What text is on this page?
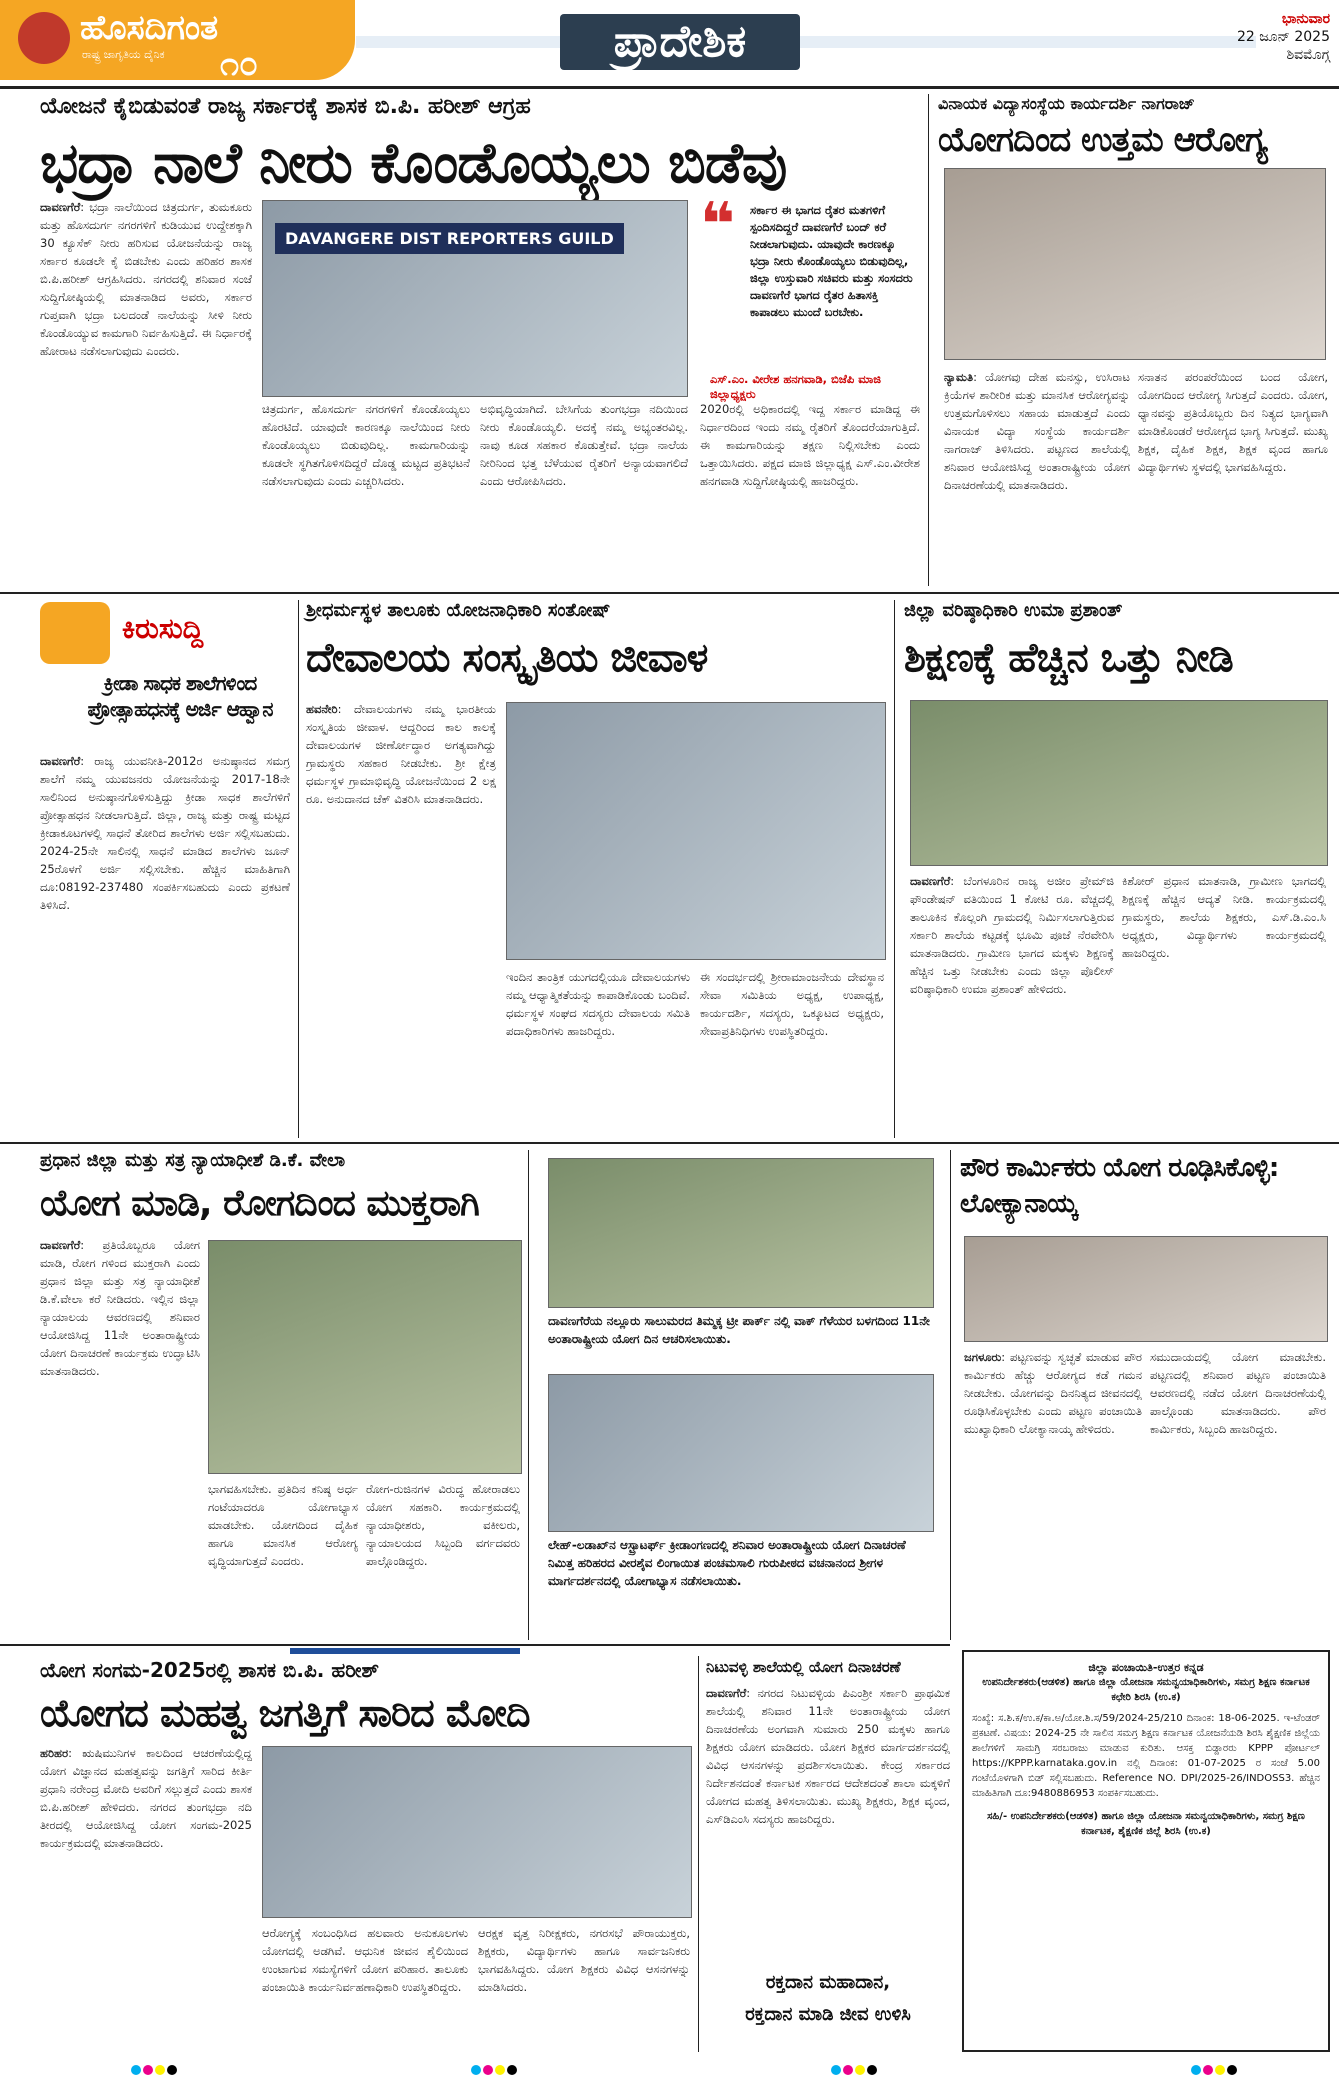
ಹೊಸದಿಗಂತ
ರಾಷ್ಟ್ರ ಜಾಗೃತಿಯ ದೈನಿಕ ೧೦	ಪ್ರಾದೇಶಿಕ	ಭಾನುವಾರ
22 ಜೂನ್ 2025
ಶಿವಮೊಗ್ಗ
ಯೋಜನೆ ಕೈಬಿಡುವಂತೆ ರಾಜ್ಯ ಸರ್ಕಾರಕ್ಕೆ ಶಾಸಕ ಬಿ.ಪಿ. ಹರೀಶ್ ಆಗ್ರಹ
ಭದ್ರಾ ನಾಲೆ ನೀರು ಕೊಂಡೊಯ್ಯಲು ಬಿಡೆವು
ದಾವಣಗೆರೆ: ಭದ್ರಾ ನಾಲೆಯಿಂದ ಚಿತ್ರದುರ್ಗ, ತುಮಕೂರು ಮತ್ತು ಹೊಸದುರ್ಗ ನಗರಗಳಿಗೆ ಕುಡಿಯುವ ಉದ್ದೇಶಕ್ಕಾಗಿ 30 ಕ್ಯೂಸೆಕ್ ನೀರು ಹರಿಸುವ ಯೋಜನೆಯನ್ನು ರಾಜ್ಯ ಸರ್ಕಾರ ಕೂಡಲೇ ಕೈ ಬಿಡಬೇಕು ಎಂದು ಹರಿಹರ ಶಾಸಕ ಬಿ.ಪಿ.ಹರೀಶ್ ಆಗ್ರಹಿಸಿದರು. ನಗರದಲ್ಲಿ ಶನಿವಾರ ಸಂಜೆ ಸುದ್ದಿಗೋಷ್ಠಿಯಲ್ಲಿ ಮಾತನಾಡಿದ ಅವರು, ಸರ್ಕಾರ ಗುಪ್ತವಾಗಿ ಭದ್ರಾ ಬಲದಂಡೆ ನಾಲೆಯನ್ನು ಸೀಳಿ ನೀರು ಕೊಂಡೊಯ್ಯುವ ಕಾಮಗಾರಿ ನಿರ್ವಹಿಸುತ್ತಿದೆ. ಈ ನಿರ್ಧಾರಕ್ಕೆ ಹೋರಾಟ ನಡೆಸಲಾಗುವುದು ಎಂದರು.
DAVANGERE DIST REPORTERS GUILD
ಚಿತ್ರದುರ್ಗ, ಹೊಸದುರ್ಗ ನಗರಗಳಿಗೆ ಕೊಂಡೊಯ್ಯಲು ಹೊರಟಿದೆ. ಯಾವುದೇ ಕಾರಣಕ್ಕೂ ನಾಲೆಯಿಂದ ನೀರು ಕೊಂಡೊಯ್ಯಲು ಬಿಡುವುದಿಲ್ಲ. ಕಾಮಗಾರಿಯನ್ನು ಕೂಡಲೇ ಸ್ಥಗಿತಗೊಳಿಸದಿದ್ದರೆ ದೊಡ್ಡ ಮಟ್ಟದ ಪ್ರತಿಭಟನೆ ನಡೆಸಲಾಗುವುದು ಎಂದು ಎಚ್ಚರಿಸಿದರು.
ಅಭಿವೃದ್ಧಿಯಾಗಿದೆ. ಬೇಸಿಗೆಯ ತುಂಗಭದ್ರಾ ನದಿಯಿಂದ ನೀರು ಕೊಂಡೊಯ್ಯಲಿ. ಅದಕ್ಕೆ ನಮ್ಮ ಅಭ್ಯಂತರವಿಲ್ಲ. ನಾವು ಕೂಡ ಸಹಕಾರ ಕೊಡುತ್ತೇವೆ. ಭದ್ರಾ ನಾಲೆಯ ನೀರಿನಿಂದ ಭತ್ತ ಬೆಳೆಯುವ ರೈತರಿಗೆ ಅನ್ಯಾಯವಾಗಲಿದೆ ಎಂದು ಆರೋಪಿಸಿದರು.
❝ ಸರ್ಕಾರ ಈ ಭಾಗದ ರೈತರ ಮತಗಳಿಗೆ ಸ್ಪಂದಿಸದಿದ್ದರೆ ದಾವಣಗೆರೆ ಬಂದ್ ಕರೆ ನೀಡಲಾಗುವುದು. ಯಾವುದೇ ಕಾರಣಕ್ಕೂ ಭದ್ರಾ ನೀರು ಕೊಂಡೊಯ್ಯಲು ಬಿಡುವುದಿಲ್ಲ, ಜಿಲ್ಲಾ ಉಸ್ತುವಾರಿ ಸಚಿವರು ಮತ್ತು ಸಂಸದರು ದಾವಣಗೆರೆ ಭಾಗದ ರೈತರ ಹಿತಾಸಕ್ತಿ ಕಾಪಾಡಲು ಮುಂದೆ ಬರಬೇಕು.
ಎಸ್.ಎಂ. ವೀರೇಶ ಹನಗವಾಡಿ, ಬಿಜೆಪಿ ಮಾಜಿ ಜಿಲ್ಲಾಧ್ಯಕ್ಷರು
2020ರಲ್ಲಿ ಅಧಿಕಾರದಲ್ಲಿ ಇದ್ದ ಸರ್ಕಾರ ಮಾಡಿದ್ದ ಈ ನಿರ್ಧಾರದಿಂದ ಇಂದು ನಮ್ಮ ರೈತರಿಗೆ ತೊಂದರೆಯಾಗುತ್ತಿದೆ. ಈ ಕಾಮಗಾರಿಯನ್ನು ತಕ್ಷಣ ನಿಲ್ಲಿಸಬೇಕು ಎಂದು ಒತ್ತಾಯಿಸಿದರು. ಪಕ್ಷದ ಮಾಜಿ ಜಿಲ್ಲಾಧ್ಯಕ್ಷ ಎಸ್.ಎಂ.ವೀರೇಶ ಹನಗವಾಡಿ ಸುದ್ದಿಗೋಷ್ಠಿಯಲ್ಲಿ ಹಾಜರಿದ್ದರು.
ವಿನಾಯಕ ವಿದ್ಯಾಸಂಸ್ಥೆಯ ಕಾರ್ಯದರ್ಶಿ ನಾಗರಾಜ್
ಯೋಗದಿಂದ ಉತ್ತಮ ಆರೋಗ್ಯ
ನ್ಯಾಮತಿ: ಯೋಗವು ದೇಹ ಮನಸ್ಸು, ಉಸಿರಾಟ ಕ್ರಿಯೆಗಳ ಶಾರೀರಿಕ ಮತ್ತು ಮಾನಸಿಕ ಆರೋಗ್ಯವನ್ನು ಉತ್ತಮಗೊಳಿಸಲು ಸಹಾಯ ಮಾಡುತ್ತದೆ ಎಂದು ವಿನಾಯಕ ವಿದ್ಯಾ ಸಂಸ್ಥೆಯ ಕಾರ್ಯದರ್ಶಿ ನಾಗರಾಜ್ ತಿಳಿಸಿದರು. ಪಟ್ಟಣದ ಶಾಲೆಯಲ್ಲಿ ಶನಿವಾರ ಆಯೋಜಿಸಿದ್ದ ಅಂತಾರಾಷ್ಟ್ರೀಯ ಯೋಗ ದಿನಾಚರಣೆಯಲ್ಲಿ ಮಾತನಾಡಿದರು.
ಸನಾತನ ಪರಂಪರೆಯಿಂದ ಬಂದ ಯೋಗ, ಯೋಗದಿಂದ ಆರೋಗ್ಯ ಸಿಗುತ್ತದೆ ಎಂದರು. ಯೋಗ, ಧ್ಯಾನವನ್ನು ಪ್ರತಿಯೊಬ್ಬರು ದಿನ ನಿತ್ಯದ ಭಾಗ್ಯವಾಗಿ ಮಾಡಿಕೊಂಡರೆ ಆರೋಗ್ಯದ ಭಾಗ್ಯ ಸಿಗುತ್ತದೆ. ಮುಖ್ಯ ಶಿಕ್ಷಕ, ದೈಹಿಕ ಶಿಕ್ಷಕ, ಶಿಕ್ಷಕ ವೃಂದ ಹಾಗೂ ವಿದ್ಯಾರ್ಥಿಗಳು ಸ್ಥಳದಲ್ಲಿ ಭಾಗವಹಿಸಿದ್ದರು.
ಕಿರುಸುದ್ದಿ
ಕ್ರೀಡಾ ಸಾಧಕ ಶಾಲೆಗಳಿಂದ ಪ್ರೋತ್ಸಾಹಧನಕ್ಕೆ ಅರ್ಜಿ ಆಹ್ವಾನ
ದಾವಣಗೆರೆ: ರಾಜ್ಯ ಯುವನೀತಿ-2012ರ ಅನುಷ್ಠಾನದ ಸಮಗ್ರ ಶಾಲೆಗೆ ನಮ್ಮ ಯುವಜನರು ಯೋಜನೆಯನ್ನು 2017-18ನೇ ಸಾಲಿನಿಂದ ಅನುಷ್ಠಾನಗೊಳಿಸುತ್ತಿದ್ದು ಕ್ರೀಡಾ ಸಾಧಕ ಶಾಲೆಗಳಿಗೆ ಪ್ರೋತ್ಸಾಹಧನ ನೀಡಲಾಗುತ್ತಿದೆ. ಜಿಲ್ಲಾ, ರಾಜ್ಯ ಮತ್ತು ರಾಷ್ಟ್ರ ಮಟ್ಟದ ಕ್ರೀಡಾಕೂಟಗಳಲ್ಲಿ ಸಾಧನೆ ತೋರಿದ ಶಾಲೆಗಳು ಅರ್ಜಿ ಸಲ್ಲಿಸಬಹುದು. 2024-25ನೇ ಸಾಲಿನಲ್ಲಿ ಸಾಧನೆ ಮಾಡಿದ ಶಾಲೆಗಳು ಜೂನ್ 25ರೊಳಗೆ ಅರ್ಜಿ ಸಲ್ಲಿಸಬೇಕು. ಹೆಚ್ಚಿನ ಮಾಹಿತಿಗಾಗಿ ದೂ:08192-237480 ಸಂಪರ್ಕಿಸಬಹುದು ಎಂದು ಪ್ರಕಟಣೆ ತಿಳಿಸಿದೆ.
ಶ್ರೀಧರ್ಮಸ್ಥಳ ತಾಲೂಕು ಯೋಜನಾಧಿಕಾರಿ ಸಂತೋಷ್
ದೇವಾಲಯ ಸಂಸ್ಕೃತಿಯ ಜೀವಾಳ
ಹವನೇರಿ: ದೇವಾಲಯಗಳು ನಮ್ಮ ಭಾರತೀಯ ಸಂಸ್ಕೃತಿಯ ಜೀವಾಳ. ಆದ್ದರಿಂದ ಕಾಲ ಕಾಲಕ್ಕೆ ದೇವಾಲಯಗಳ ಜೀರ್ಣೋದ್ಧಾರ ಅಗತ್ಯವಾಗಿದ್ದು ಗ್ರಾಮಸ್ಥರು ಸಹಕಾರ ನೀಡಬೇಕು. ಶ್ರೀ ಕ್ಷೇತ್ರ ಧರ್ಮಸ್ಥಳ ಗ್ರಾಮಾಭಿವೃದ್ಧಿ ಯೋಜನೆಯಿಂದ 2 ಲಕ್ಷ ರೂ. ಅನುದಾನದ ಚೆಕ್ ವಿತರಿಸಿ ಮಾತನಾಡಿದರು.
ಇಂದಿನ ತಾಂತ್ರಿಕ ಯುಗದಲ್ಲಿಯೂ ದೇವಾಲಯಗಳು ನಮ್ಮ ಆಧ್ಯಾತ್ಮಿಕತೆಯನ್ನು ಕಾಪಾಡಿಕೊಂಡು ಬಂದಿವೆ. ಧರ್ಮಸ್ಥಳ ಸಂಘದ ಸದಸ್ಯರು ದೇವಾಲಯ ಸಮಿತಿ ಪದಾಧಿಕಾರಿಗಳು ಹಾಜರಿದ್ದರು.
ಈ ಸಂದರ್ಭದಲ್ಲಿ ಶ್ರೀರಾಮಾಂಜನೇಯ ದೇವಸ್ಥಾನ ಸೇವಾ ಸಮಿತಿಯ ಅಧ್ಯಕ್ಷ, ಉಪಾಧ್ಯಕ್ಷ, ಕಾರ್ಯದರ್ಶಿ, ಸದಸ್ಯರು, ಒಕ್ಕೂಟದ ಅಧ್ಯಕ್ಷರು, ಸೇವಾಪ್ರತಿನಿಧಿಗಳು ಉಪಸ್ಥಿತರಿದ್ದರು.
ಜಿಲ್ಲಾ ವರಿಷ್ಠಾಧಿಕಾರಿ ಉಮಾ ಪ್ರಶಾಂತ್
ಶಿಕ್ಷಣಕ್ಕೆ ಹೆಚ್ಚಿನ ಒತ್ತು ನೀಡಿ
ದಾವಣಗೆರೆ: ಬೆಂಗಳೂರಿನ ರಾಜ್ಯ ಅಜೀಂ ಪ್ರೇಮ್‌ಜಿ ಫೌಂಡೇಷನ್ ವತಿಯಿಂದ 1 ಕೋಟಿ ರೂ. ವೆಚ್ಚದಲ್ಲಿ ತಾಲೂಕಿನ ಕೊಲ್ಲಂಗಿ ಗ್ರಾಮದಲ್ಲಿ ನಿರ್ಮಿಸಲಾಗುತ್ತಿರುವ ಸರ್ಕಾರಿ ಶಾಲೆಯ ಕಟ್ಟಡಕ್ಕೆ ಭೂಮಿ ಪೂಜೆ ನೆರವೇರಿಸಿ ಮಾತನಾಡಿದರು. ಗ್ರಾಮೀಣ ಭಾಗದ ಮಕ್ಕಳು ಶಿಕ್ಷಣಕ್ಕೆ ಹೆಚ್ಚಿನ ಒತ್ತು ನೀಡಬೇಕು ಎಂದು ಜಿಲ್ಲಾ ಪೊಲೀಸ್ ವರಿಷ್ಠಾಧಿಕಾರಿ ಉಮಾ ಪ್ರಶಾಂತ್ ಹೇಳಿದರು.
ಕಿಶೋರ್ ಪ್ರಧಾನ ಮಾತನಾಡಿ, ಗ್ರಾಮೀಣ ಭಾಗದಲ್ಲಿ ಶಿಕ್ಷಣಕ್ಕೆ ಹೆಚ್ಚಿನ ಆದ್ಯತೆ ನೀಡಿ. ಕಾರ್ಯಕ್ರಮದಲ್ಲಿ ಗ್ರಾಮಸ್ಥರು, ಶಾಲೆಯ ಶಿಕ್ಷಕರು, ಎಸ್.ಡಿ.ಎಂ.ಸಿ ಅಧ್ಯಕ್ಷರು, ವಿದ್ಯಾರ್ಥಿಗಳು ಕಾರ್ಯಕ್ರಮದಲ್ಲಿ ಹಾಜರಿದ್ದರು.
ಪ್ರಧಾನ ಜಿಲ್ಲಾ ಮತ್ತು ಸತ್ರ ನ್ಯಾಯಾಧೀಶೆ ಡಿ.ಕೆ. ವೇಲಾ
ಯೋಗ ಮಾಡಿ, ರೋಗದಿಂದ ಮುಕ್ತರಾಗಿ
ದಾವಣಗೆರೆ: ಪ್ರತಿಯೊಬ್ಬರೂ ಯೋಗ ಮಾಡಿ, ರೋಗ ಗಳಿಂದ ಮುಕ್ತರಾಗಿ ಎಂದು ಪ್ರಧಾನ ಜಿಲ್ಲಾ ಮತ್ತು ಸತ್ರ ನ್ಯಾಯಾಧೀಶೆ ಡಿ.ಕೆ.ವೇಲಾ ಕರೆ ನೀಡಿದರು. ಇಲ್ಲಿನ ಜಿಲ್ಲಾ ನ್ಯಾಯಾಲಯ ಆವರಣದಲ್ಲಿ ಶನಿವಾರ ಆಯೋಜಿಸಿದ್ದ 11ನೇ ಅಂತಾರಾಷ್ಟ್ರೀಯ ಯೋಗ ದಿನಾಚರಣೆ ಕಾರ್ಯಕ್ರಮ ಉದ್ಘಾಟಿಸಿ ಮಾತನಾಡಿದರು.
ಭಾಗವಹಿಸಬೇಕು. ಪ್ರತಿದಿನ ಕನಿಷ್ಠ ಅರ್ಧ ಗಂಟೆಯಾದರೂ ಯೋಗಾಭ್ಯಾಸ ಮಾಡಬೇಕು. ಯೋಗದಿಂದ ದೈಹಿಕ ಹಾಗೂ ಮಾನಸಿಕ ಆರೋಗ್ಯ ವೃದ್ಧಿಯಾಗುತ್ತದೆ ಎಂದರು.
ರೋಗ-ರುಜಿನಗಳ ವಿರುದ್ಧ ಹೋರಾಡಲು ಯೋಗ ಸಹಕಾರಿ. ಕಾರ್ಯಕ್ರಮದಲ್ಲಿ ನ್ಯಾಯಾಧೀಶರು, ವಕೀಲರು, ನ್ಯಾಯಾಲಯದ ಸಿಬ್ಬಂದಿ ವರ್ಗದವರು ಪಾಲ್ಗೊಂಡಿದ್ದರು.
ದಾವಣಗೆರೆಯ ನಲ್ಲೂರು ಸಾಲುಮರದ ತಿಮ್ಮಕ್ಕ ಟ್ರೀ ಪಾರ್ಕ್ ನಲ್ಲಿ ವಾಕ್ ಗೆಳೆಯರ ಬಳಗದಿಂದ 11ನೇ ಅಂತಾರಾಷ್ಟ್ರೀಯ ಯೋಗ ದಿನ ಆಚರಿಸಲಾಯಿತು.
ಲೇಹ್-ಲಡಾಖ್‌ನ ಆಸ್ಟ್ರಾಟರ್ಫ್ ಕ್ರೀಡಾಂಗಣದಲ್ಲಿ ಶನಿವಾರ ಅಂತಾರಾಷ್ಟ್ರೀಯ ಯೋಗ ದಿನಾಚರಣೆ ನಿಮಿತ್ತ ಹರಿಹರದ ವೀರಶೈವ ಲಿಂಗಾಯಿತ ಪಂಚಮಸಾಲಿ ಗುರುಪೀಠದ ವಚನಾನಂದ ಶ್ರೀಗಳ ಮಾರ್ಗದರ್ಶನದಲ್ಲಿ ಯೋಗಾಭ್ಯಾಸ ನಡೆಸಲಾಯಿತು.
ಪೌರ ಕಾರ್ಮಿಕರು ಯೋಗ ರೂಢಿಸಿಕೊಳ್ಳಿ: ಲೋಕ್ಯಾನಾಯ್ಕ
ಜಗಳೂರು: ಪಟ್ಟಣವನ್ನು ಸ್ವಚ್ಛತೆ ಮಾಡುವ ಪೌರ ಕಾರ್ಮಿಕರು ಹೆಚ್ಚು ಆರೋಗ್ಯದ ಕಡೆ ಗಮನ ನೀಡಬೇಕು. ಯೋಗವನ್ನು ದಿನನಿತ್ಯದ ಜೀವನದಲ್ಲಿ ರೂಢಿಸಿಕೊಳ್ಳಬೇಕು ಎಂದು ಪಟ್ಟಣ ಪಂಚಾಯಿತಿ ಮುಖ್ಯಾಧಿಕಾರಿ ಲೋಕ್ಯಾನಾಯ್ಕ ಹೇಳಿದರು.
ಸಮುದಾಯದಲ್ಲಿ ಯೋಗ ಮಾಡಬೇಕು. ಪಟ್ಟಣದಲ್ಲಿ ಶನಿವಾರ ಪಟ್ಟಣ ಪಂಚಾಯಿತಿ ಆವರಣದಲ್ಲಿ ನಡೆದ ಯೋಗ ದಿನಾಚರಣೆಯಲ್ಲಿ ಪಾಲ್ಗೊಂಡು ಮಾತನಾಡಿದರು. ಪೌರ ಕಾರ್ಮಿಕರು, ಸಿಬ್ಬಂದಿ ಹಾಜರಿದ್ದರು.
ಯೋಗ ಸಂಗಮ-2025ರಲ್ಲಿ ಶಾಸಕ ಬಿ.ಪಿ. ಹರೀಶ್
ಯೋಗದ ಮಹತ್ವ ಜಗತ್ತಿಗೆ ಸಾರಿದ ಮೋದಿ
ಹರಿಹರ: ಋಷಿಮುನಿಗಳ ಕಾಲದಿಂದ ಆಚರಣೆಯಲ್ಲಿದ್ದ ಯೋಗ ವಿಜ್ಞಾನದ ಮಹತ್ವವನ್ನು ಜಗತ್ತಿಗೆ ಸಾರಿದ ಕೀರ್ತಿ ಪ್ರಧಾನಿ ನರೇಂದ್ರ ಮೋದಿ ಅವರಿಗೆ ಸಲ್ಲುತ್ತದೆ ಎಂದು ಶಾಸಕ ಬಿ.ಪಿ.ಹರೀಶ್ ಹೇಳಿದರು. ನಗರದ ತುಂಗಭದ್ರಾ ನದಿ ತೀರದಲ್ಲಿ ಆಯೋಜಿಸಿದ್ದ ಯೋಗ ಸಂಗಮ-2025 ಕಾರ್ಯಕ್ರಮದಲ್ಲಿ ಮಾತನಾಡಿದರು.
ಆರೋಗ್ಯಕ್ಕೆ ಸಂಬಂಧಿಸಿದ ಹಲವಾರು ಅನುಕೂಲಗಳು ಯೋಗದಲ್ಲಿ ಅಡಗಿವೆ. ಆಧುನಿಕ ಜೀವನ ಶೈಲಿಯಿಂದ ಉಂಟಾಗುವ ಸಮಸ್ಯೆಗಳಿಗೆ ಯೋಗ ಪರಿಹಾರ. ತಾಲೂಕು ಪಂಚಾಯಿತಿ ಕಾರ್ಯನಿರ್ವಹಣಾಧಿಕಾರಿ ಉಪಸ್ಥಿತರಿದ್ದರು.
ಆರಕ್ಷಕ ವೃತ್ತ ನಿರೀಕ್ಷಕರು, ನಗರಸಭೆ ಪೌರಾಯುಕ್ತರು, ಶಿಕ್ಷಕರು, ವಿದ್ಯಾರ್ಥಿಗಳು ಹಾಗೂ ಸಾರ್ವಜನಿಕರು ಭಾಗವಹಿಸಿದ್ದರು. ಯೋಗ ಶಿಕ್ಷಕರು ವಿವಿಧ ಆಸನಗಳನ್ನು ಮಾಡಿಸಿದರು.
ನಿಟುವಳ್ಳಿ ಶಾಲೆಯಲ್ಲಿ ಯೋಗ ದಿನಾಚರಣೆ
ದಾವಣಗೆರೆ: ನಗರದ ನಿಟುವಳ್ಳಿಯ ಪಿಎಂಶ್ರೀ ಸರ್ಕಾರಿ ಪ್ರಾಥಮಿಕ ಶಾಲೆಯಲ್ಲಿ ಶನಿವಾರ 11ನೇ ಅಂತಾರಾಷ್ಟ್ರೀಯ ಯೋಗ ದಿನಾಚರಣೆಯ ಅಂಗವಾಗಿ ಸುಮಾರು 250 ಮಕ್ಕಳು ಹಾಗೂ ಶಿಕ್ಷಕರು ಯೋಗ ಮಾಡಿದರು. ಯೋಗ ಶಿಕ್ಷಕರ ಮಾರ್ಗದರ್ಶನದಲ್ಲಿ ವಿವಿಧ ಆಸನಗಳನ್ನು ಪ್ರದರ್ಶಿಸಲಾಯಿತು. ಕೇಂದ್ರ ಸರ್ಕಾರದ ನಿರ್ದೇಶನದಂತೆ ಕರ್ನಾಟಕ ಸರ್ಕಾರದ ಆದೇಶದಂತೆ ಶಾಲಾ ಮಕ್ಕಳಿಗೆ ಯೋಗದ ಮಹತ್ವ ತಿಳಿಸಲಾಯಿತು. ಮುಖ್ಯ ಶಿಕ್ಷಕರು, ಶಿಕ್ಷಕ ವೃಂದ, ಎಸ್‌ಡಿಎಂಸಿ ಸದಸ್ಯರು ಹಾಜರಿದ್ದರು.
ರಕ್ತದಾನ ಮಹಾದಾನ,
ರಕ್ತದಾನ ಮಾಡಿ ಜೀವ ಉಳಿಸಿ
ಜಿಲ್ಲಾ ಪಂಚಾಯಿತಿ-ಉತ್ತರ ಕನ್ನಡ
ಉಪನಿರ್ದೇಶಕರು(ಆಡಳಿತ) ಹಾಗೂ ಜಿಲ್ಲಾ ಯೋಜನಾ ಸಮನ್ವಯಾಧಿಕಾರಿಗಳು, ಸಮಗ್ರ ಶಿಕ್ಷಣ ಕರ್ನಾಟಕ ಕಛೇರಿ ಶಿರಸಿ (ಉ.ಕ)
ಸಂಖ್ಯೆ: ಸ.ಶಿ.ಕ/ಉ.ಕ/ಕಾ.ಅ/ಯೋ.ಶಿ.ಸ/59/2024-25/210 ದಿನಾಂಕ: 18-06-2025. ಇ-ಟೆಂಡರ್ ಪ್ರಕಟಣೆ. ವಿಷಯ: 2024-25 ನೇ ಸಾಲಿನ ಸಮಗ್ರ ಶಿಕ್ಷಣ ಕರ್ನಾಟಕ ಯೋಜನೆಯಡಿ ಶಿರಸಿ ಶೈಕ್ಷಣಿಕ ಜಿಲ್ಲೆಯ ಶಾಲೆಗಳಿಗೆ ಸಾಮಗ್ರಿ ಸರಬರಾಜು ಮಾಡುವ ಕುರಿತು. ಆಸಕ್ತ ಬಿಡ್ದಾರರು KPPP ಪೋರ್ಟಲ್ https://KPPP.karnataka.gov.in ನಲ್ಲಿ ದಿನಾಂಕ: 01-07-2025 ರ ಸಂಜೆ 5.00 ಗಂಟೆಯೊಳಗಾಗಿ ಬಿಡ್ ಸಲ್ಲಿಸಬಹುದು. Reference NO. DPI/2025-26/INDOSS3. ಹೆಚ್ಚಿನ ಮಾಹಿತಿಗಾಗಿ ದೂ:9480886953 ಸಂಪರ್ಕಿಸಬಹುದು.
ಸಹಿ/- ಉಪನಿರ್ದೇಶಕರು(ಆಡಳಿತ) ಹಾಗೂ ಜಿಲ್ಲಾ ಯೋಜನಾ ಸಮನ್ವಯಾಧಿಕಾರಿಗಳು, ಸಮಗ್ರ ಶಿಕ್ಷಣ ಕರ್ನಾಟಕ, ಶೈಕ್ಷಣಿಕ ಜಿಲ್ಲೆ ಶಿರಸಿ (ಉ.ಕ)
